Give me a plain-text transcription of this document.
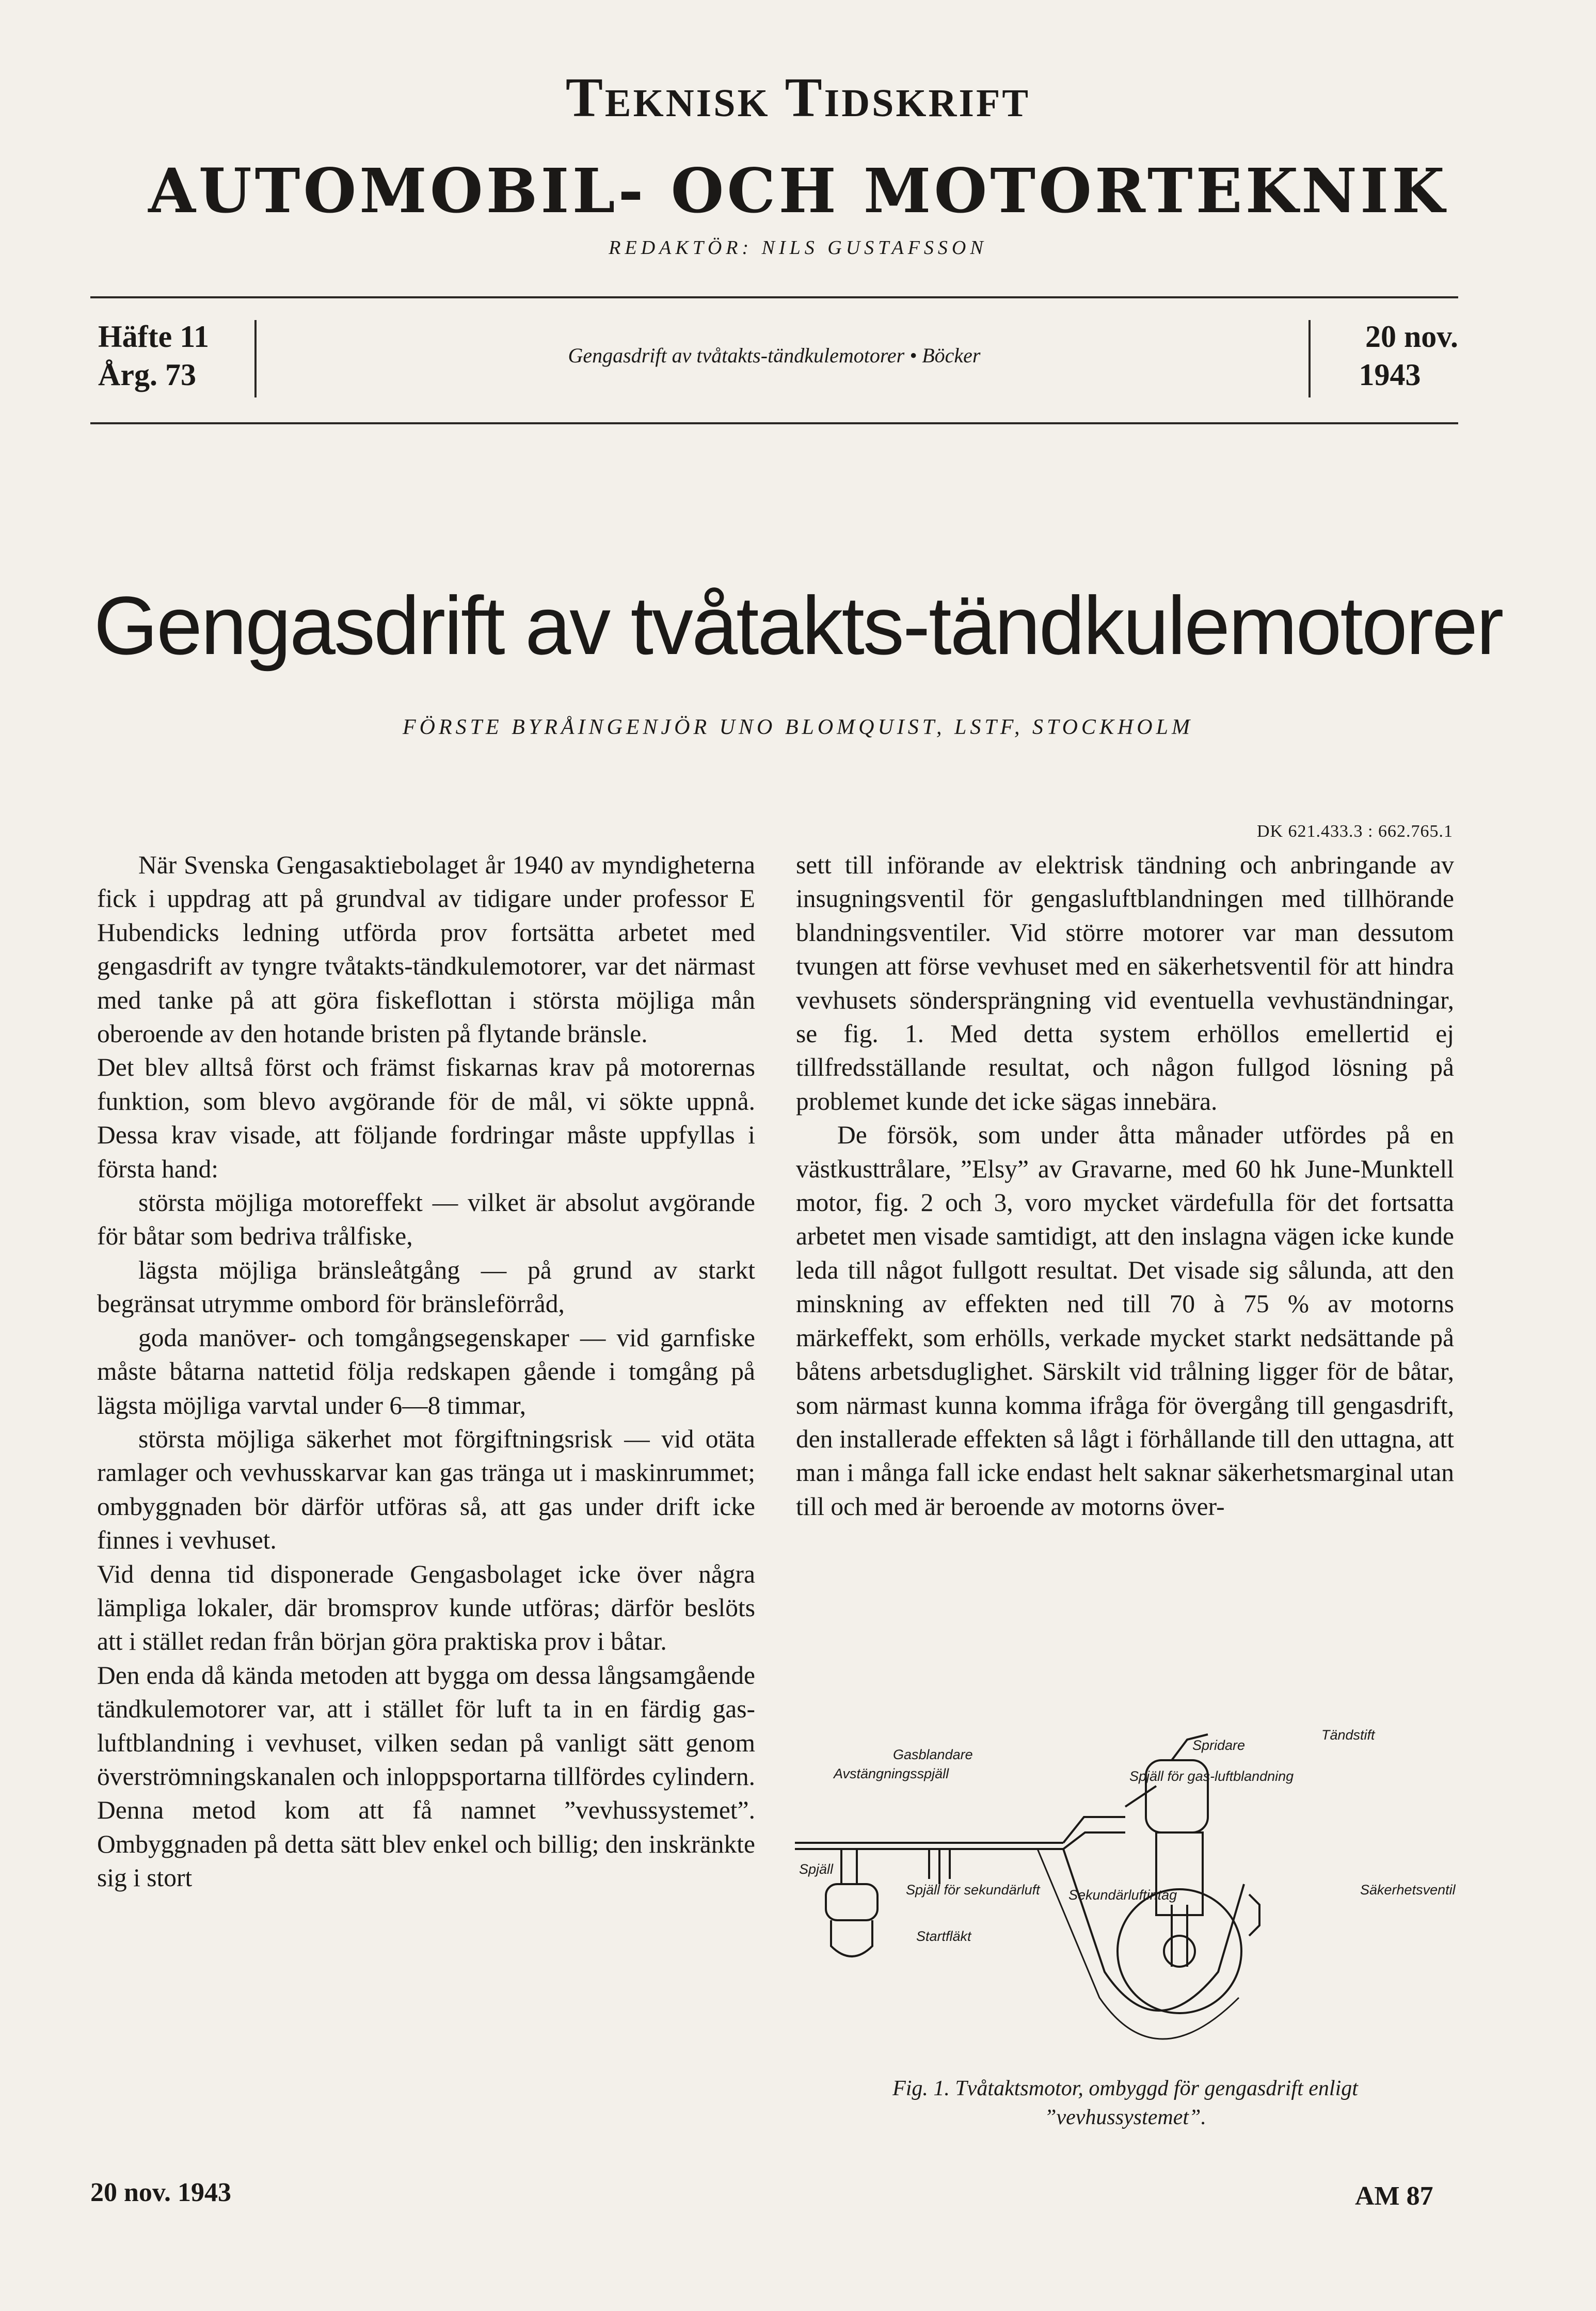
Teknisk Tidskrift
AUTOMOBIL- OCH MOTORTEKNIK
REDAKTÖR: NILS GUSTAFSSON
Häfte 11
Årg. 73
Gengasdrift av tvåtakts-tändkulemotorer • Böcker
20 nov.
1943
Gengasdrift av tvåtakts-tändkulemotorer
FÖRSTE BYRÅINGENJÖR UNO BLOMQUIST, LSTF, STOCKHOLM
DK 621.433.3 : 662.765.1

När Svenska Gengasaktiebolaget år 1940 av myndigheterna fick i uppdrag att på grundval av tidigare under professor E Hubendicks ledning utförda prov fortsätta arbetet med gengasdrift av tyngre tvåtakts-tändkulemotorer, var det närmast med tanke på att göra fiskeflottan i största möjliga mån oberoende av den hotande bristen på flytande bränsle.

Det blev alltså först och främst fiskarnas krav på motorernas funktion, som blevo avgörande för de mål, vi sökte uppnå. Dessa krav visade, att följande fordringar måste uppfyllas i första hand:

största möjliga motoreffekt — vilket är absolut avgörande för båtar som bedriva trålfiske,

lägsta möjliga bränsleåtgång — på grund av starkt begränsat utrymme ombord för bränsleförråd,

goda manöver- och tomgångsegenskaper — vid garnfiske måste båtarna nattetid följa redskapen gående i tomgång på lägsta möjliga varvtal under 6—8 timmar,

största möjliga säkerhet mot förgiftningsrisk — vid otäta ramlager och vevhusskarvar kan gas tränga ut i maskinrummet; ombyggnaden bör därför utföras så, att gas under drift icke finnes i vevhuset.

Vid denna tid disponerade Gengasbolaget icke över några lämpliga lokaler, där bromsprov kunde utföras; därför beslöts att i stället redan från början göra praktiska prov i båtar.

Den enda då kända metoden att bygga om dessa långsamgående tändkulemotorer var, att i stället för luft ta in en färdig gas-luftblandning i vevhuset, vilken sedan på vanligt sätt genom överströmningskanalen och inloppsportarna tillfördes cylindern. Denna metod kom att få namnet ”vevhussystemet”. Ombyggnaden på detta sätt blev enkel och billig; den inskränkte sig i stort

sett till införande av elektrisk tändning och anbringande av insugningsventil för gengasluftblandningen med tillhörande blandningsventiler. Vid större motorer var man dessutom tvungen att förse vevhuset med en säkerhetsventil för att hindra vevhusets söndersprängning vid eventuella vevhuständningar, se fig. 1. Med detta system erhöllos emellertid ej tillfredsställande resultat, och någon fullgod lösning på problemet kunde det icke sägas innebära.

De försök, som under åtta månader utfördes på en västkusttrålare, ”Elsy” av Gravarne, med 60 hk June-Munktell motor, fig. 2 och 3, voro mycket värdefulla för det fortsatta arbetet men visade samtidigt, att den inslagna vägen icke kunde leda till något fullgott resultat. Det visade sig sålunda, att den minskning av effekten ned till 70 à 75 % av motorns märkeffekt, som erhölls, verkade mycket starkt nedsättande på båtens arbetsduglighet. Särskilt vid trålning ligger för de båtar, som närmast kunna komma ifråga för övergång till gengasdrift, den installerade effekten så lågt i förhållande till den uttagna, att man i många fall icke endast helt saknar säkerhetsmarginal utan till och med är beroende av motorns över-

Gasblandare
Avstängningsspjäll
Spjäll
Spjäll för sekundärluft
Startfläkt
Spridare
Tändstift
Spjäll för gas-luftblandning
Sekundärluftintag	Säkerhetsventil
Fig. 1. Tvåtaktsmotor, ombyggd för gengasdrift enligt
”vevhussystemet”.
20 nov. 1943	AM 87
